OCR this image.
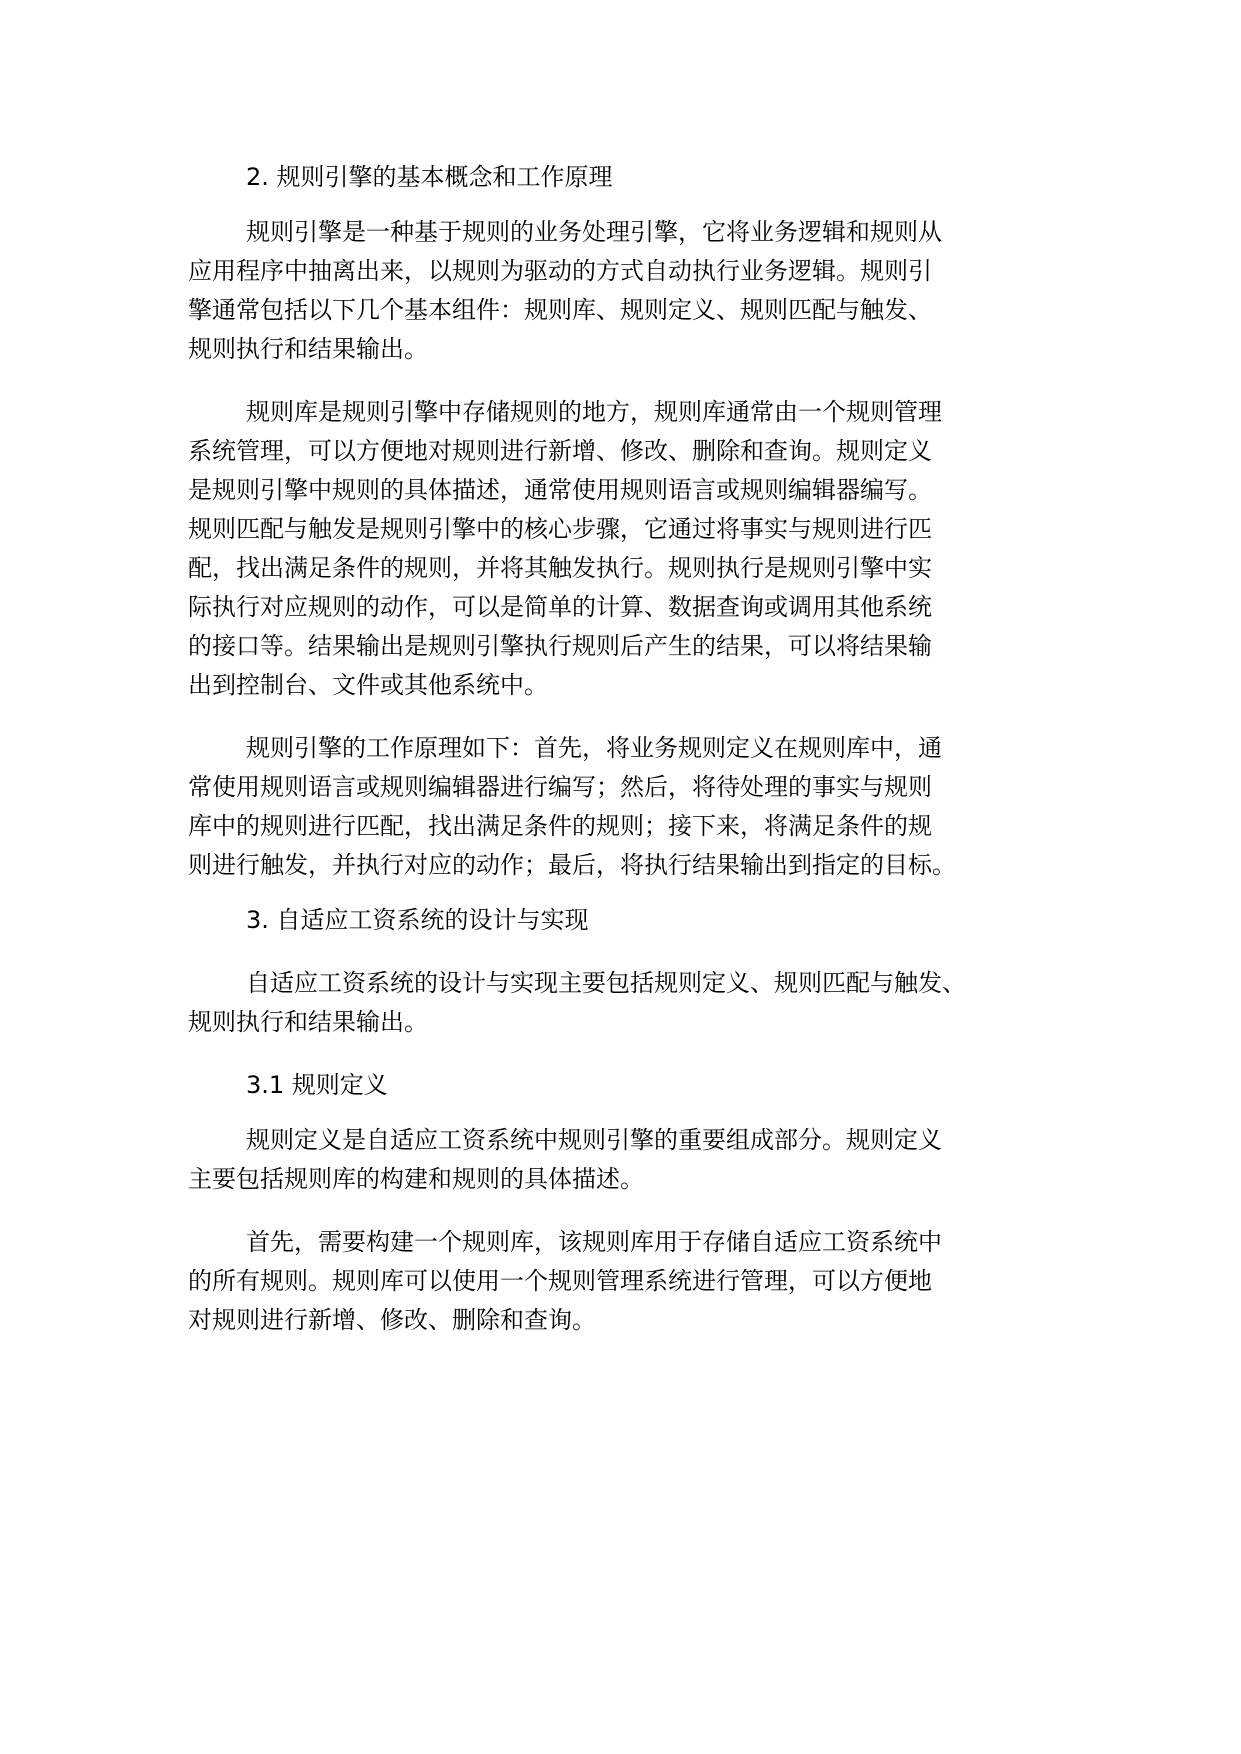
2. 规则引擎的基本概念和工作原理

规则引擎是一种基于规则的业务处理引擎，它将业务逻辑和规则从
应用程序中抽离出来，以规则为驱动的方式自动执行业务逻辑。规则引
擎通常包括以下几个基本组件：规则库、规则定义、规则匹配与触发、
规则执行和结果输出。

规则库是规则引擎中存储规则的地方，规则库通常由一个规则管理
系统管理，可以方便地对规则进行新增、修改、删除和查询。规则定义
是规则引擎中规则的具体描述，通常使用规则语言或规则编辑器编写。
规则匹配与触发是规则引擎中的核心步骤，它通过将事实与规则进行匹
配，找出满足条件的规则，并将其触发执行。规则执行是规则引擎中实
际执行对应规则的动作，可以是简单的计算、数据查询或调用其他系统
的接口等。结果输出是规则引擎执行规则后产生的结果，可以将结果输
出到控制台、文件或其他系统中。

规则引擎的工作原理如下：首先，将业务规则定义在规则库中，通
常使用规则语言或规则编辑器进行编写；然后，将待处理的事实与规则
库中的规则进行匹配，找出满足条件的规则；接下来，将满足条件的规
则进行触发，并执行对应的动作；最后，将执行结果输出到指定的目标。

3. 自适应工资系统的设计与实现

自适应工资系统的设计与实现主要包括规则定义、规则匹配与触发、
规则执行和结果输出。

3.1 规则定义

规则定义是自适应工资系统中规则引擎的重要组成部分。规则定义
主要包括规则库的构建和规则的具体描述。

首先，需要构建一个规则库，该规则库用于存储自适应工资系统中
的所有规则。规则库可以使用一个规则管理系统进行管理，可以方便地
对规则进行新增、修改、删除和查询。
